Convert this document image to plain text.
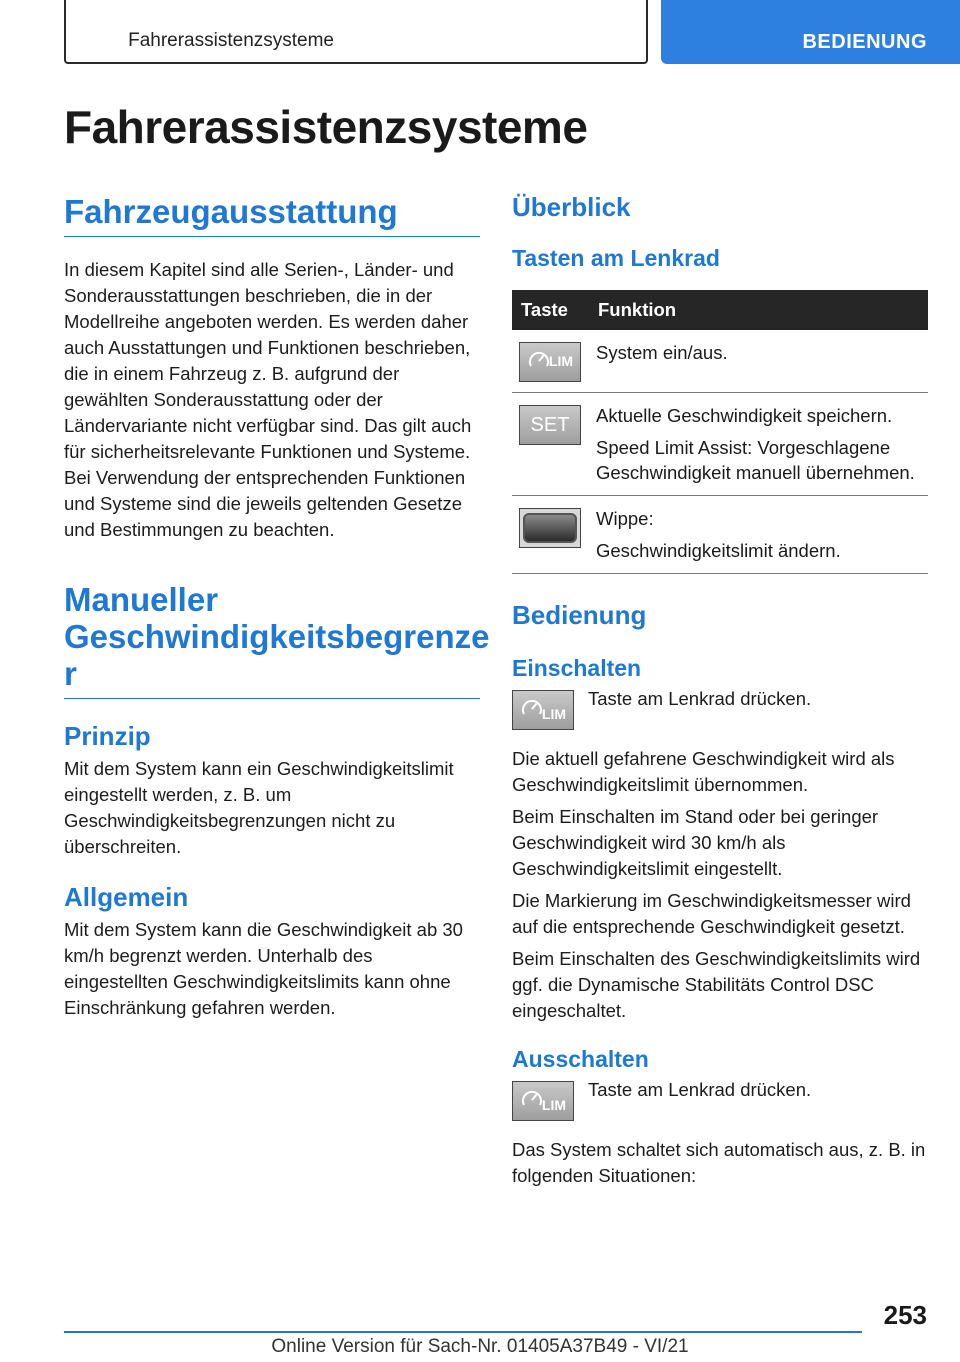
Fahrerassistenzsysteme	BEDIENUNG
Fahrerassistenzsysteme
Fahrzeugausstattung

In diesem Kapitel sind alle Serien-, Länder- und Sonderausstattungen beschrieben, die in der Modellreihe angeboten werden. Es werden daher auch Ausstattungen und Funktionen beschrieben, die in einem Fahrzeug z. B. aufgrund der gewählten Sonderausstattung oder der Ländervariante nicht verfügbar sind. Das gilt auch für sicherheitsrelevante Funktionen und Systeme. Bei Verwendung der entsprechenden Funktionen und Systeme sind die jeweils geltenden Gesetze und Bestimmungen zu beachten.

Manueller
Geschwindigkeitsbegrenze
r
Prinzip

Mit dem System kann ein Geschwindigkeitslimit eingestellt werden, z. B. um Geschwindigkeitsbegrenzungen nicht zu überschreiten.

Allgemein

Mit dem System kann die Geschwindigkeit ab 30 km/h begrenzt werden. Unterhalb des eingestellten Geschwindigkeitslimits kann ohne Einschränkung gefahren werden.

Überblick
Tasten am Lenkrad
Taste	Funktion

LIM	System ein/aus.

SET	Aktuelle Geschwindigkeit speichern.
Speed Limit Assist: Vorgeschlagene Geschwindigkeit manuell übernehmen.

	Wippe:
Geschwindigkeitslimit ändern.
Bedienung
Einschalten
LIM
Taste am Lenkrad drücken.

Die aktuell gefahrene Geschwindigkeit wird als Geschwindigkeitslimit übernommen.

Beim Einschalten im Stand oder bei geringer Geschwindigkeit wird 30 km/h als Geschwindigkeitslimit eingestellt.

Die Markierung im Geschwindigkeitsmesser wird auf die entsprechende Geschwindigkeit gesetzt.

Beim Einschalten des Geschwindigkeitslimits wird ggf. die Dynamische Stabilitäts Control DSC eingeschaltet.

Ausschalten
LIM
Taste am Lenkrad drücken.

Das System schaltet sich automatisch aus, z. B. in folgenden Situationen:

253
Online Version für Sach-Nr. 01405A37B49 - VI/21
